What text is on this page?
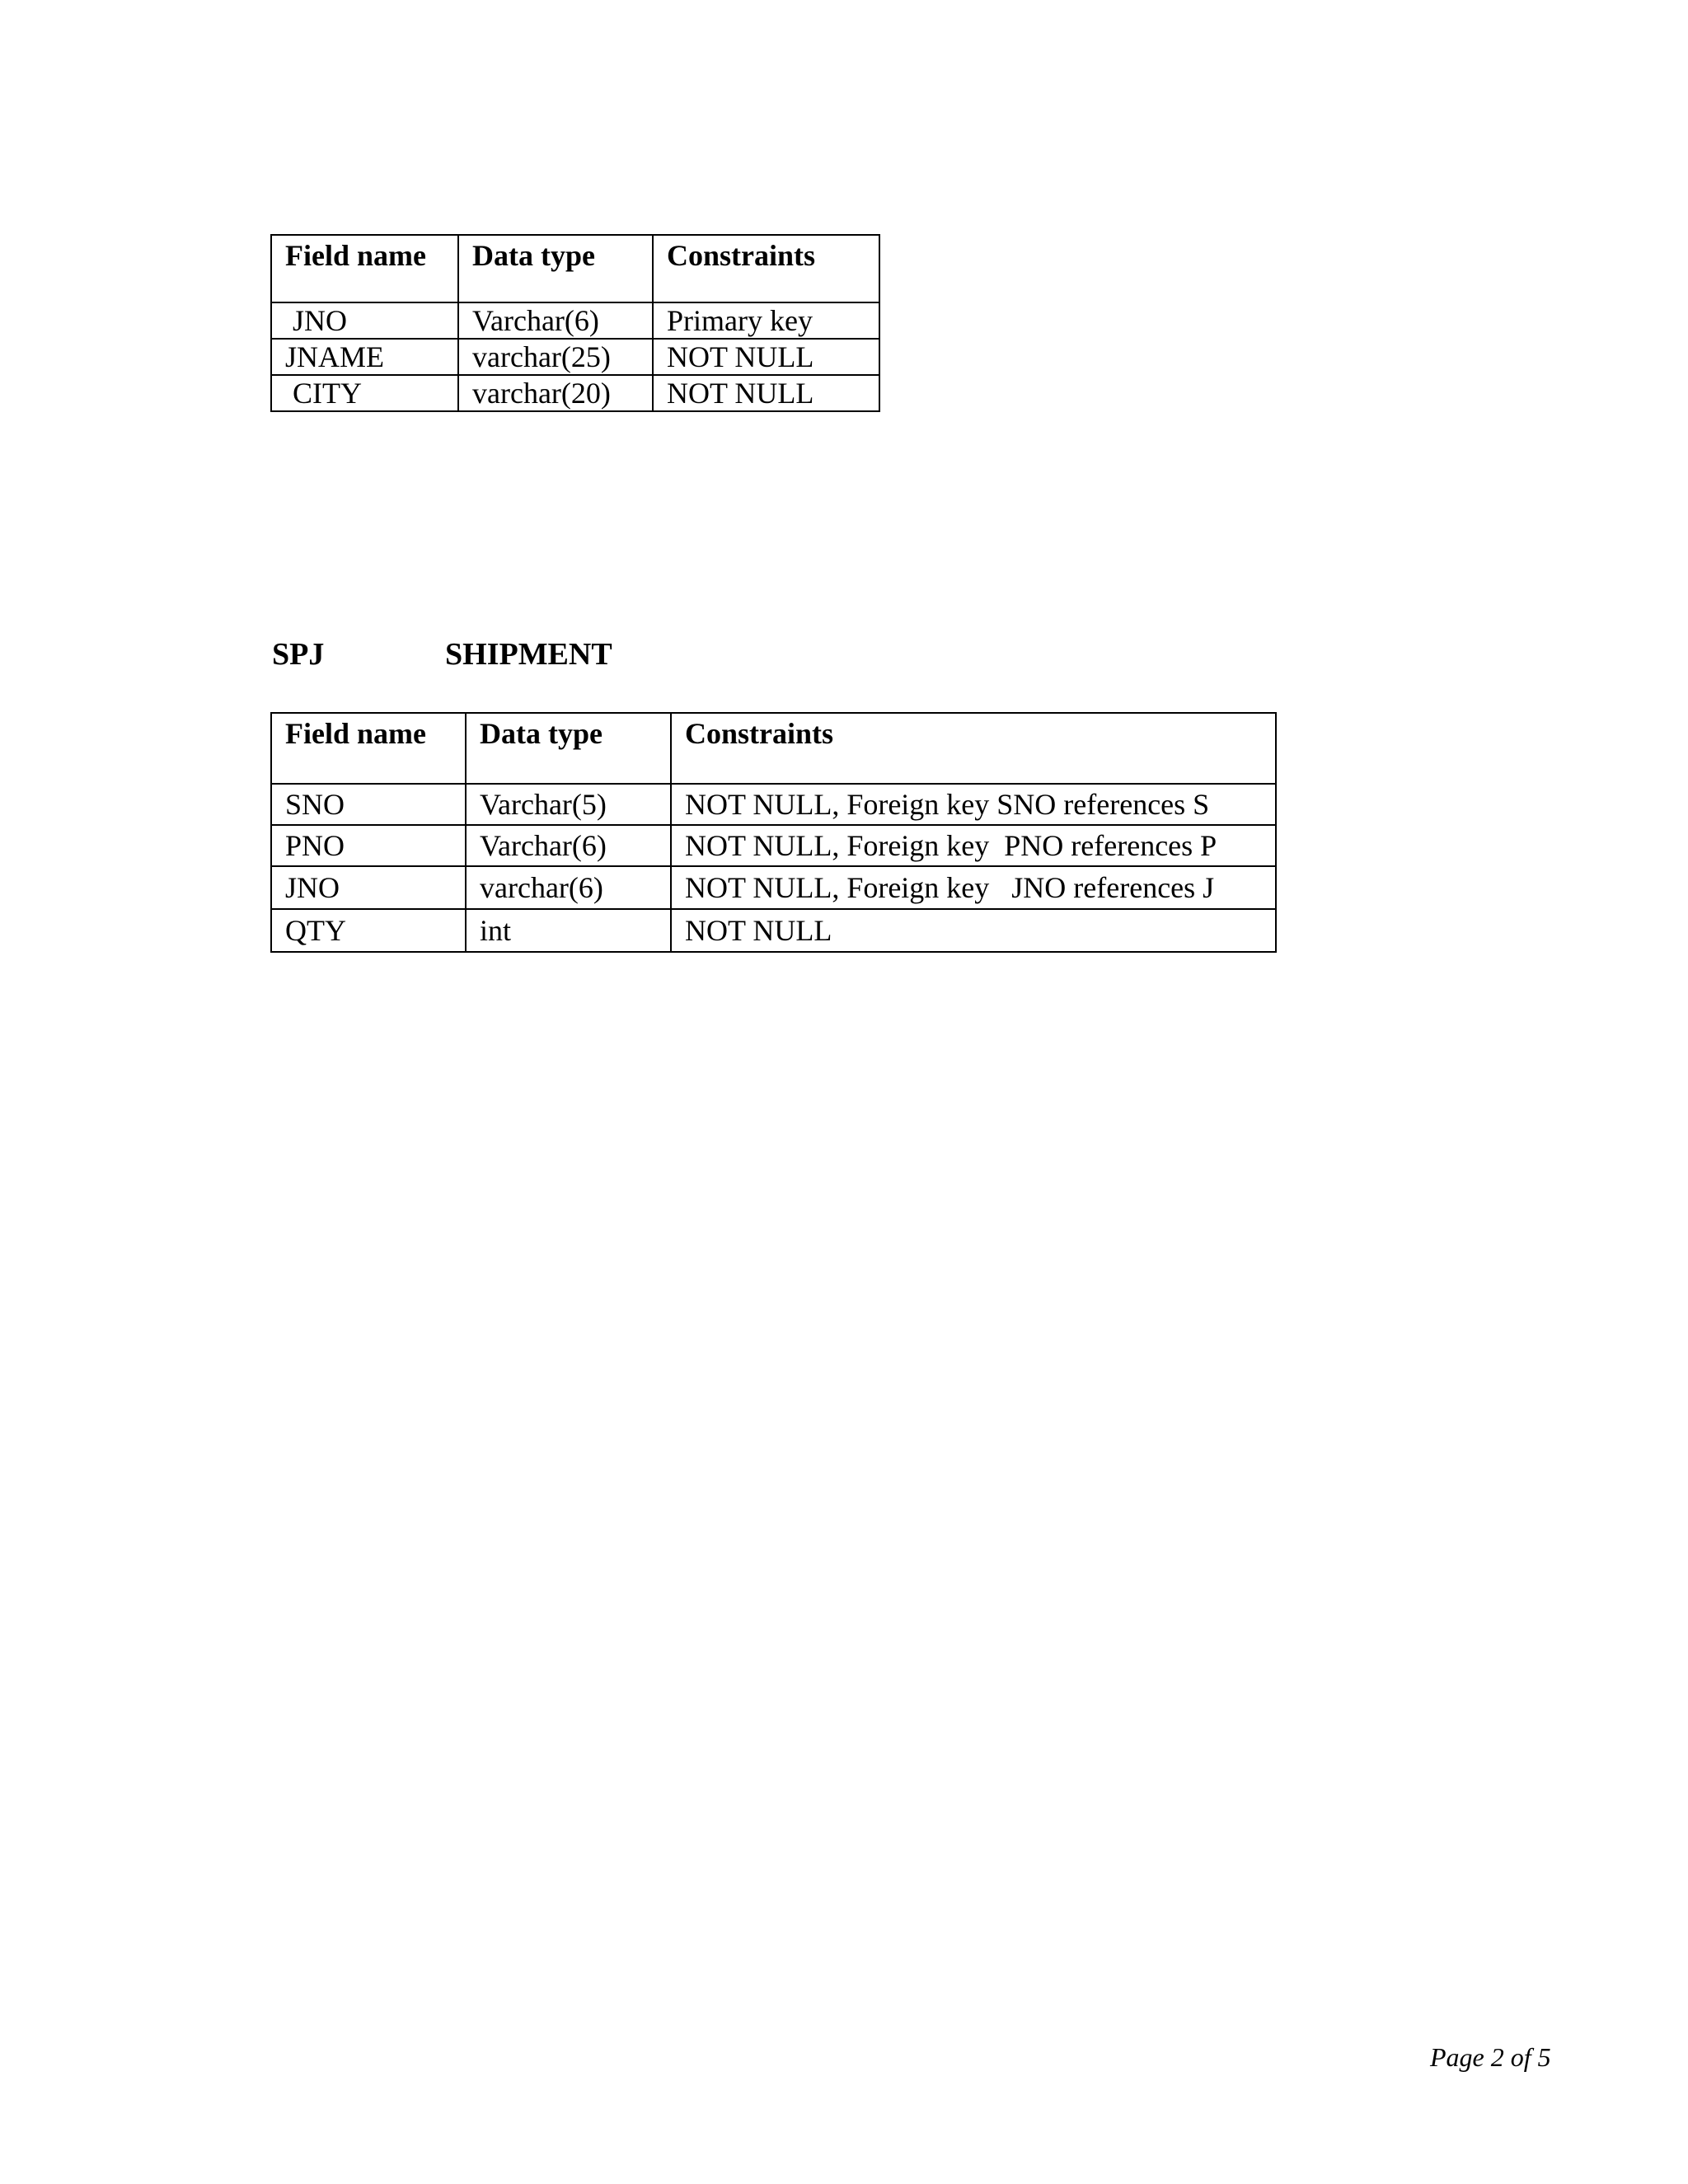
Field name	Data type	Constraints
JNO	Varchar(6)	Primary key
JNAME	varchar(25)	NOT NULL
CITY	varchar(20)	NOT NULL
SPJ	SHIPMENT
Field name	Data type	Constraints
SNO	Varchar(5)	NOT NULL, Foreign key SNO references S
PNO	Varchar(6)	NOT NULL, Foreign key  PNO references P
JNO	varchar(6)	NOT NULL, Foreign key   JNO references J
QTY	int	NOT NULL
Page 2 of 5
